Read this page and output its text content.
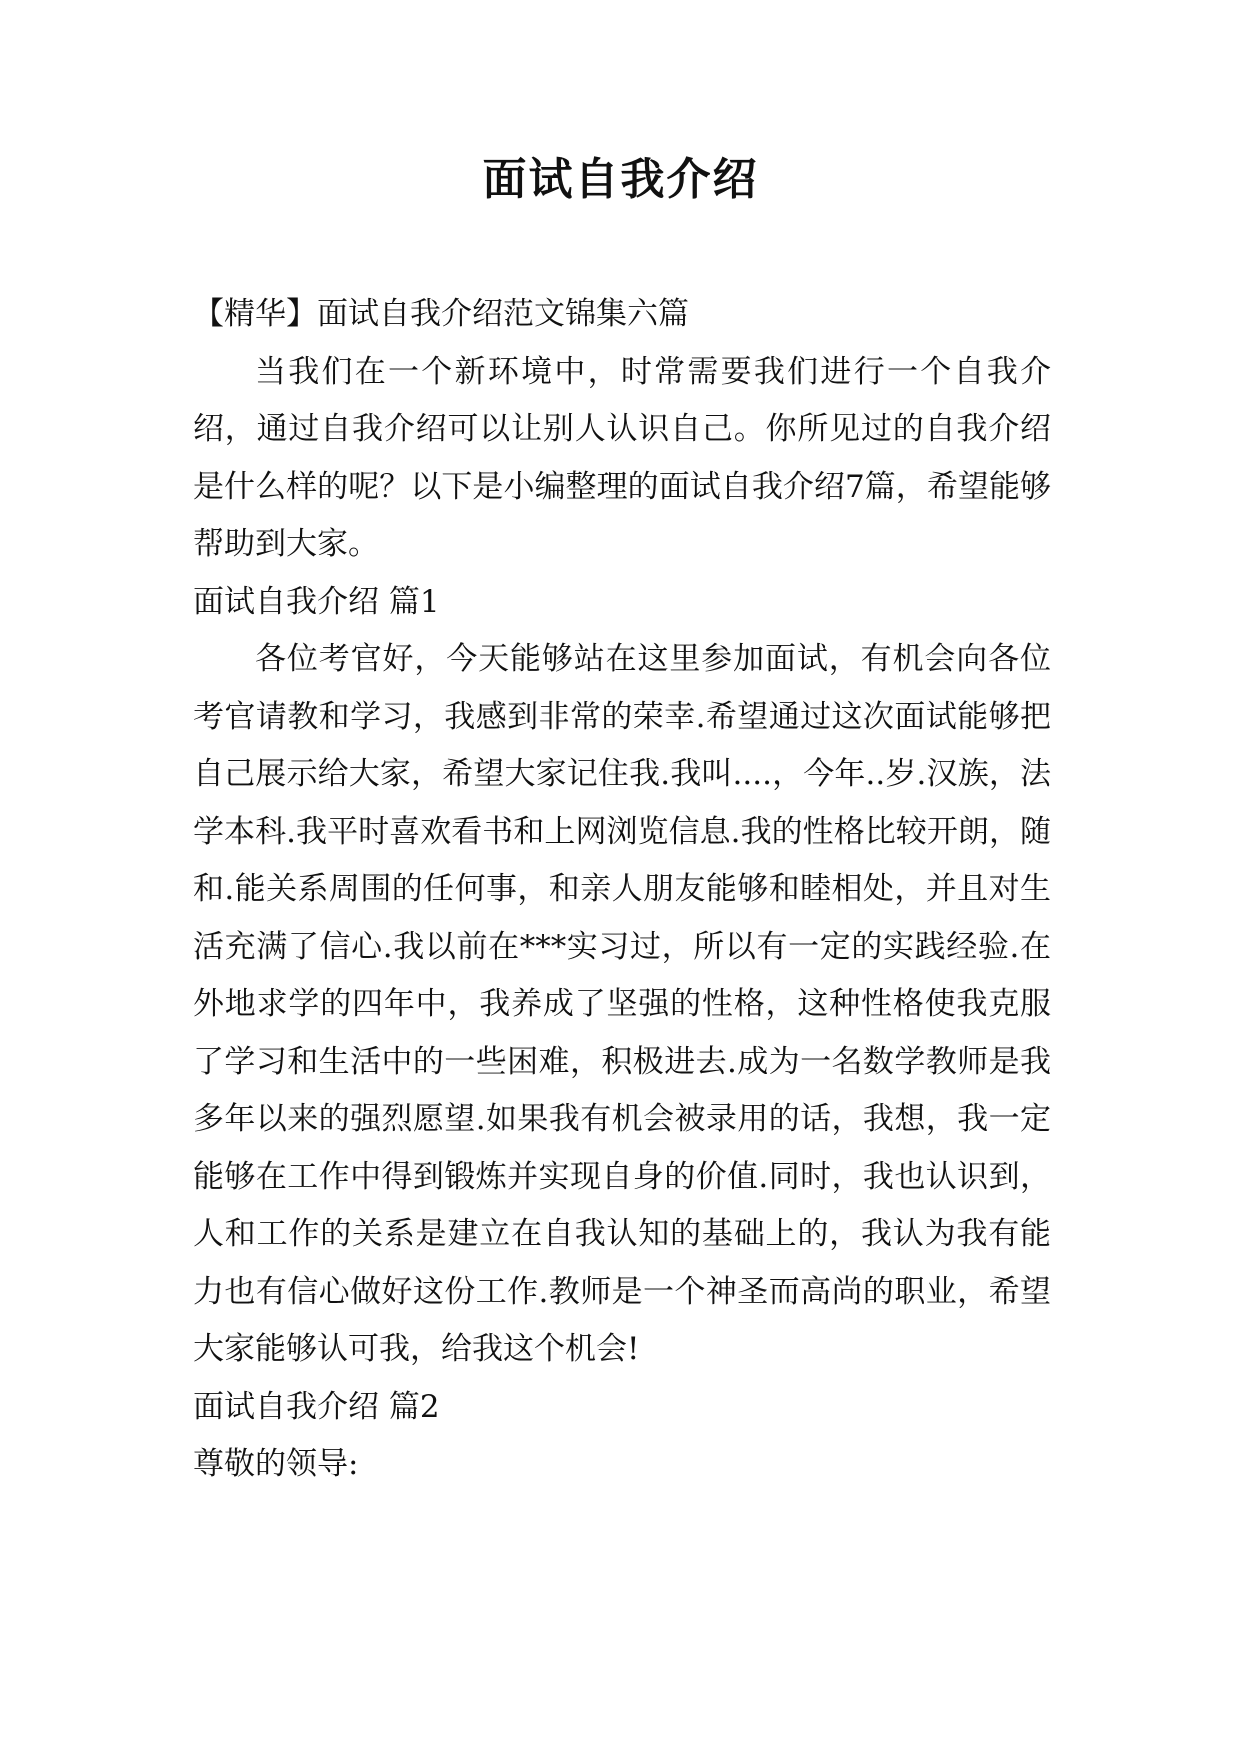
面试自我介绍

【精华】面试自我介绍范文锦集六篇

当我们在一个新环境中，时常需要我们进行一个自我介绍，通过自我介绍可以让别人认识自己。你所见过的自我介绍是什么样的呢？以下是小编整理的面试自我介绍7篇，希望能够帮助到大家。

面试自我介绍 篇1

各位考官好，今天能够站在这里参加面试，有机会向各位考官请教和学习，我感到非常的荣幸.希望通过这次面试能够把自己展示给大家，希望大家记住我.我叫....，今年..岁.汉族，法学本科.我平时喜欢看书和上网浏览信息.我的性格比较开朗，随和.能关系周围的任何事，和亲人朋友能够和睦相处，并且对生活充满了信心.我以前在***实习过，所以有一定的实践经验.在外地求学的四年中，我养成了坚强的性格，这种性格使我克服了学习和生活中的一些困难，积极进去.成为一名数学教师是我多年以来的强烈愿望.如果我有机会被录用的话，我想，我一定能够在工作中得到锻炼并实现自身的价值.同时，我也认识到，人和工作的关系是建立在自我认知的基础上的，我认为我有能力也有信心做好这份工作.教师是一个神圣而高尚的职业，希望大家能够认可我，给我这个机会!

面试自我介绍 篇2

尊敬的领导:
